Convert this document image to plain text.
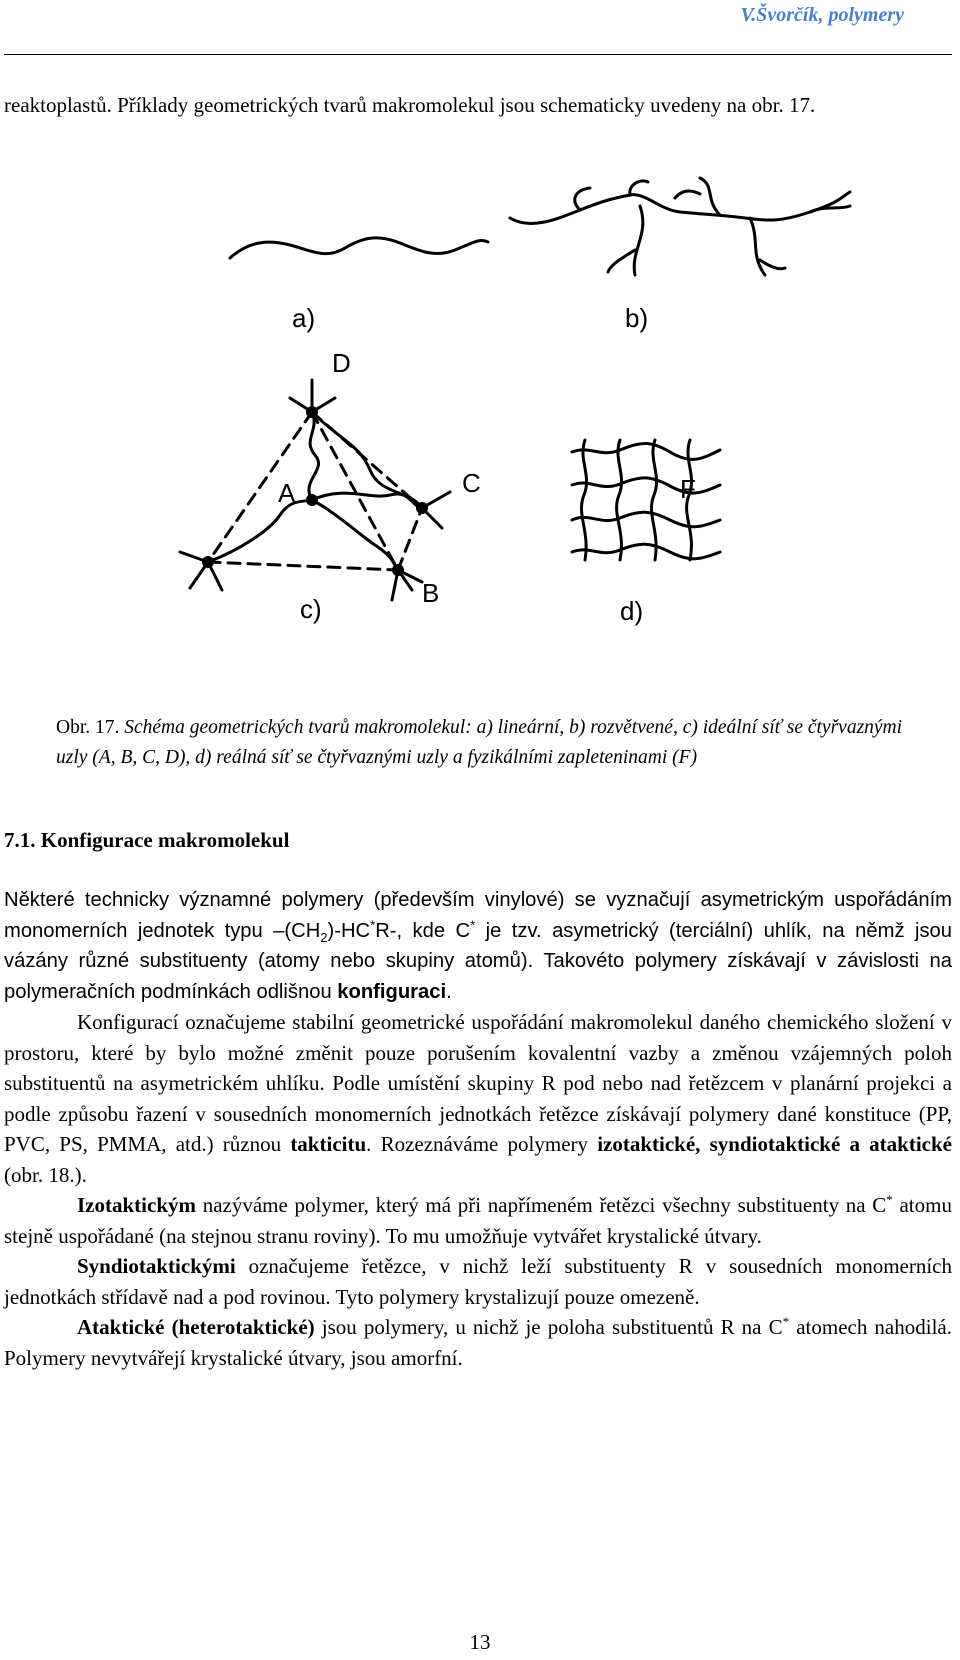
V.Švorčík, polymery
reaktoplastů. Příklady geometrických tvarů makromolekul jsou schematicky uvedeny na obr. 17.
a)	b)
D
A	C
B
c)
F
d)
Obr. 17. Schéma geometrických tvarů makromolekul: a) lineární, b) rozvětvené, c) ideální síť se čtyřvaznými uzly (A, B, C, D), d) reálná síť se čtyřvaznými uzly a fyzikálními zapleteninami (F)
7.1. Konfigurace makromolekul

Některé technicky významné polymery (především vinylové) se vyznačují asymetrickým uspořádáním monomerních jednotek typu $-(CH_2)-HC^*R-$, kde C* je tzv. asymetrický (terciální) uhlík, na němž jsou vázány různé substituenty (atomy nebo skupiny atomů). Takovéto polymery získávají v závislosti na polymeračních podmínkách odlišnou konfiguraci.

Konfigurací označujeme stabilní geometrické uspořádání makromolekul daného chemického složení v prostoru, které by bylo možné změnit pouze porušením kovalentní vazby a změnou vzájemných poloh substituentů na asymetrickém uhlíku. Podle umístění skupiny R pod nebo nad řetězcem v planární projekci a podle způsobu řazení v sousedních monomerních jednotkách řetězce získávají polymery dané konstituce (PP, PVC, PS, PMMA, atd.) různou takticitu. Rozeznáváme polymery izotaktické, syndiotaktické a ataktické (obr. 18.).

Izotaktickým nazýváme polymer, který má při napřímeném řetězci všechny substituenty na C* atomu stejně uspořádané (na stejnou stranu roviny). To mu umožňuje vytvářet krystalické útvary.

Syndiotaktickými označujeme řetězce, v nichž leží substituenty R v sousedních monomerních jednotkách střídavě nad a pod rovinou. Tyto polymery krystalizují pouze omezeně.

Ataktické (heterotaktické) jsou polymery, u nichž je poloha substituentů R na C* atomech nahodilá. Polymery nevytvářejí krystalické útvary, jsou amorfní.

13
